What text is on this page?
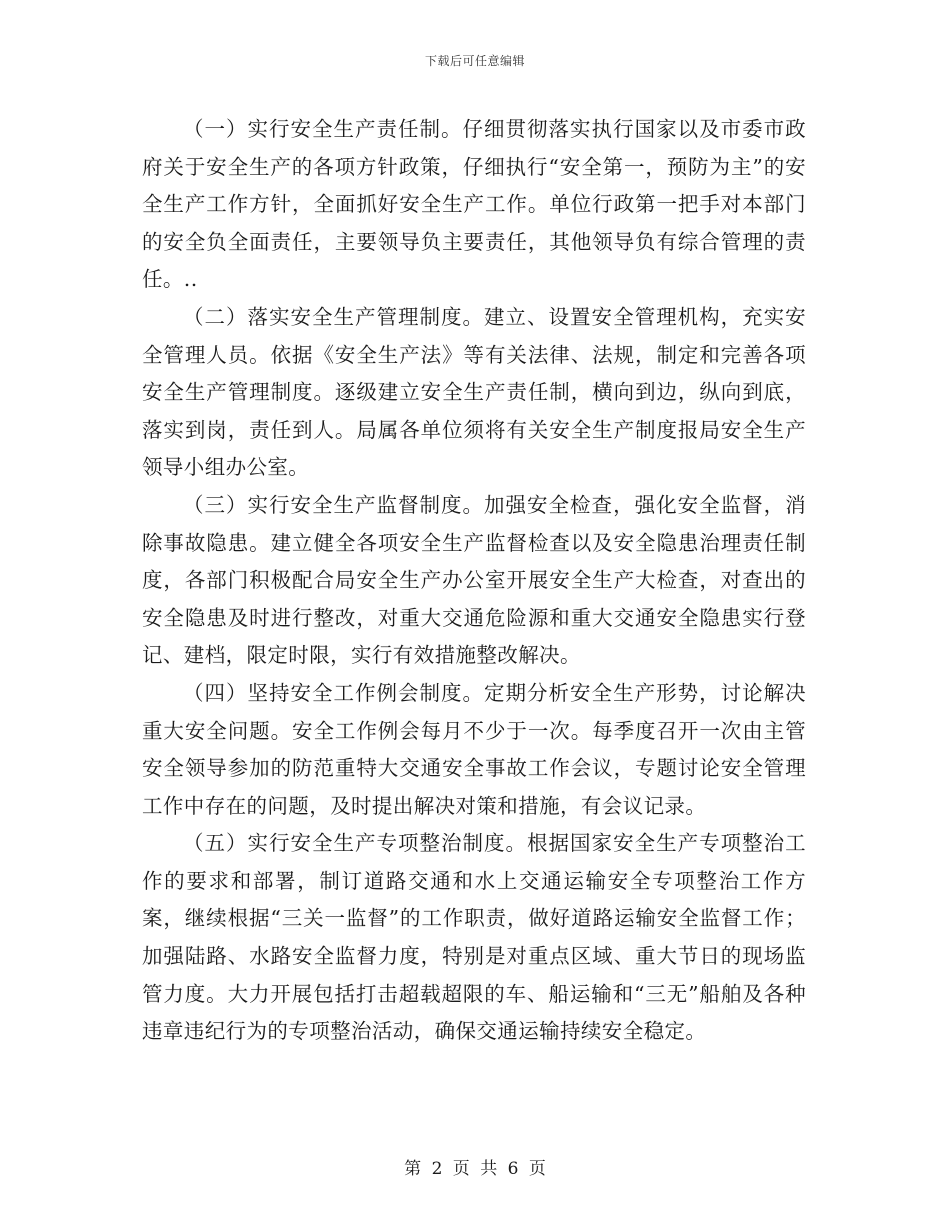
下载后可任意编辑

（一）实行安全生产责任制。仔细贯彻落实执行国家以及市委市政府关于安全生产的各项方针政策，仔细执行“安全第一，预防为主”的安全生产工作方针，全面抓好安全生产工作。单位行政第一把手对本部门的安全负全面责任，主要领导负主要责任，其他领导负有综合管理的责任。..

（二）落实安全生产管理制度。建立、设置安全管理机构，充实安全管理人员。依据《安全生产法》等有关法律、法规，制定和完善各项安全生产管理制度。逐级建立安全生产责任制，横向到边，纵向到底，落实到岗，责任到人。局属各单位须将有关安全生产制度报局安全生产领导小组办公室。

（三）实行安全生产监督制度。加强安全检查，强化安全监督，消除事故隐患。建立健全各项安全生产监督检查以及安全隐患治理责任制度，各部门积极配合局安全生产办公室开展安全生产大检查，对查出的安全隐患及时进行整改，对重大交通危险源和重大交通安全隐患实行登记、建档，限定时限，实行有效措施整改解决。

（四）坚持安全工作例会制度。定期分析安全生产形势，讨论解决重大安全问题。安全工作例会每月不少于一次。每季度召开一次由主管安全领导参加的防范重特大交通安全事故工作会议，专题讨论安全管理工作中存在的问题，及时提出解决对策和措施，有会议记录。

（五）实行安全生产专项整治制度。根据国家安全生产专项整治工作的要求和部署，制订道路交通和水上交通运输安全专项整治工作方案，继续根据“三关一监督”的工作职责，做好道路运输安全监督工作；加强陆路、水路安全监督力度，特别是对重点区域、重大节日的现场监管力度。大力开展包括打击超载超限的车、船运输和“三无”船舶及各种违章违纪行为的专项整治活动，确保交通运输持续安全稳定。

第 2 页 共 6 页
